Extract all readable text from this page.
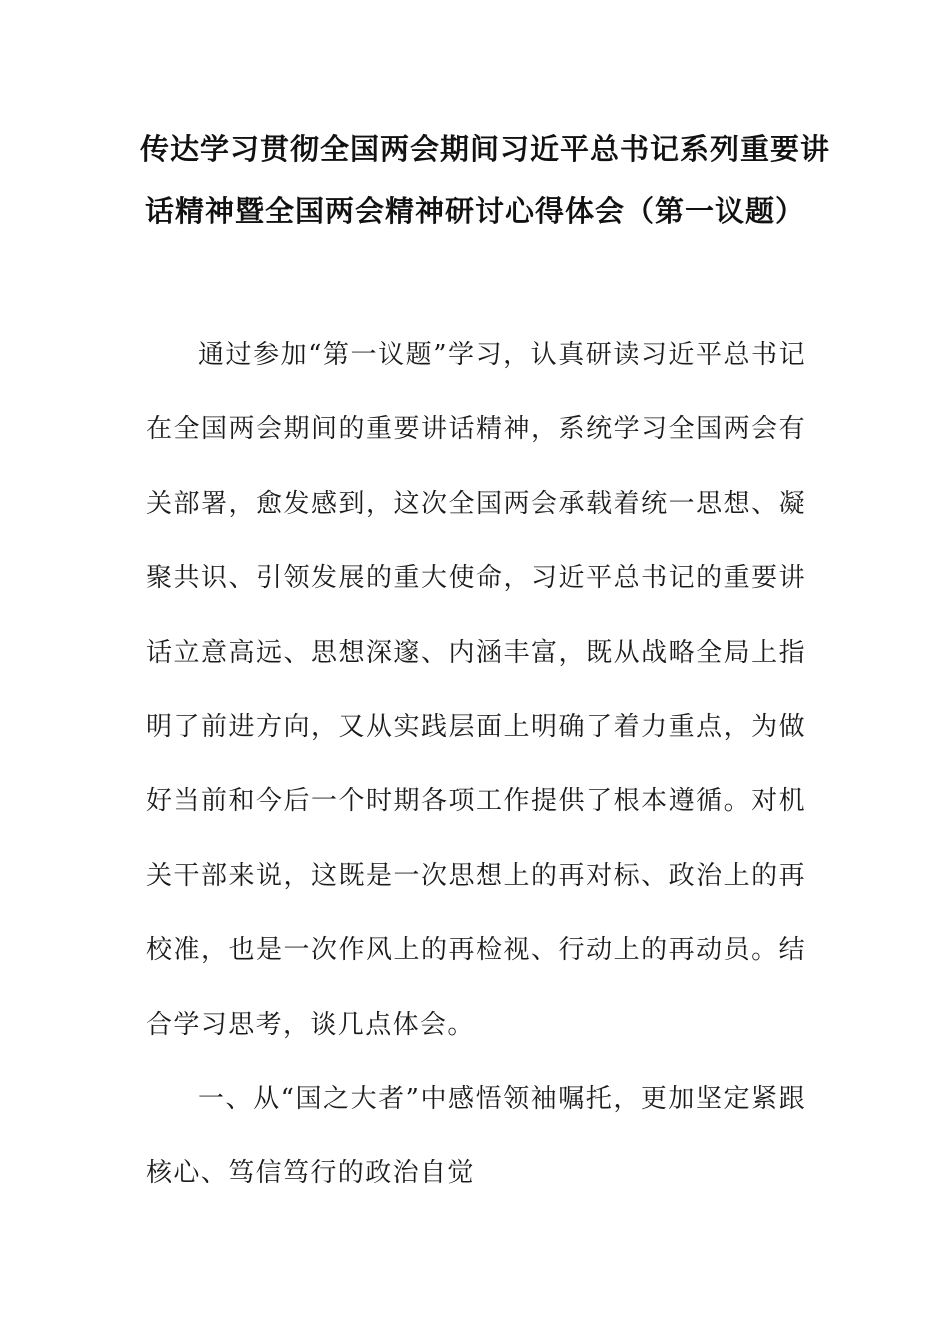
传达学习贯彻全国两会期间习近平总书记系列重要讲
话精神暨全国两会精神研讨心得体会（第一议题）

通过参加“第一议题”学习，认真研读习近平总书记在全国两会期间的重要讲话精神，系统学习全国两会有关部署，愈发感到，这次全国两会承载着统一思想、凝聚共识、引领发展的重大使命，习近平总书记的重要讲话立意高远、思想深邃、内涵丰富，既从战略全局上指明了前进方向，又从实践层面上明确了着力重点，为做好当前和今后一个时期各项工作提供了根本遵循。对机关干部来说，这既是一次思想上的再对标、政治上的再校准，也是一次作风上的再检视、行动上的再动员。结合学习思考，谈几点体会。

一、从“国之大者”中感悟领袖嘱托，更加坚定紧跟核心、笃信笃行的政治自觉
